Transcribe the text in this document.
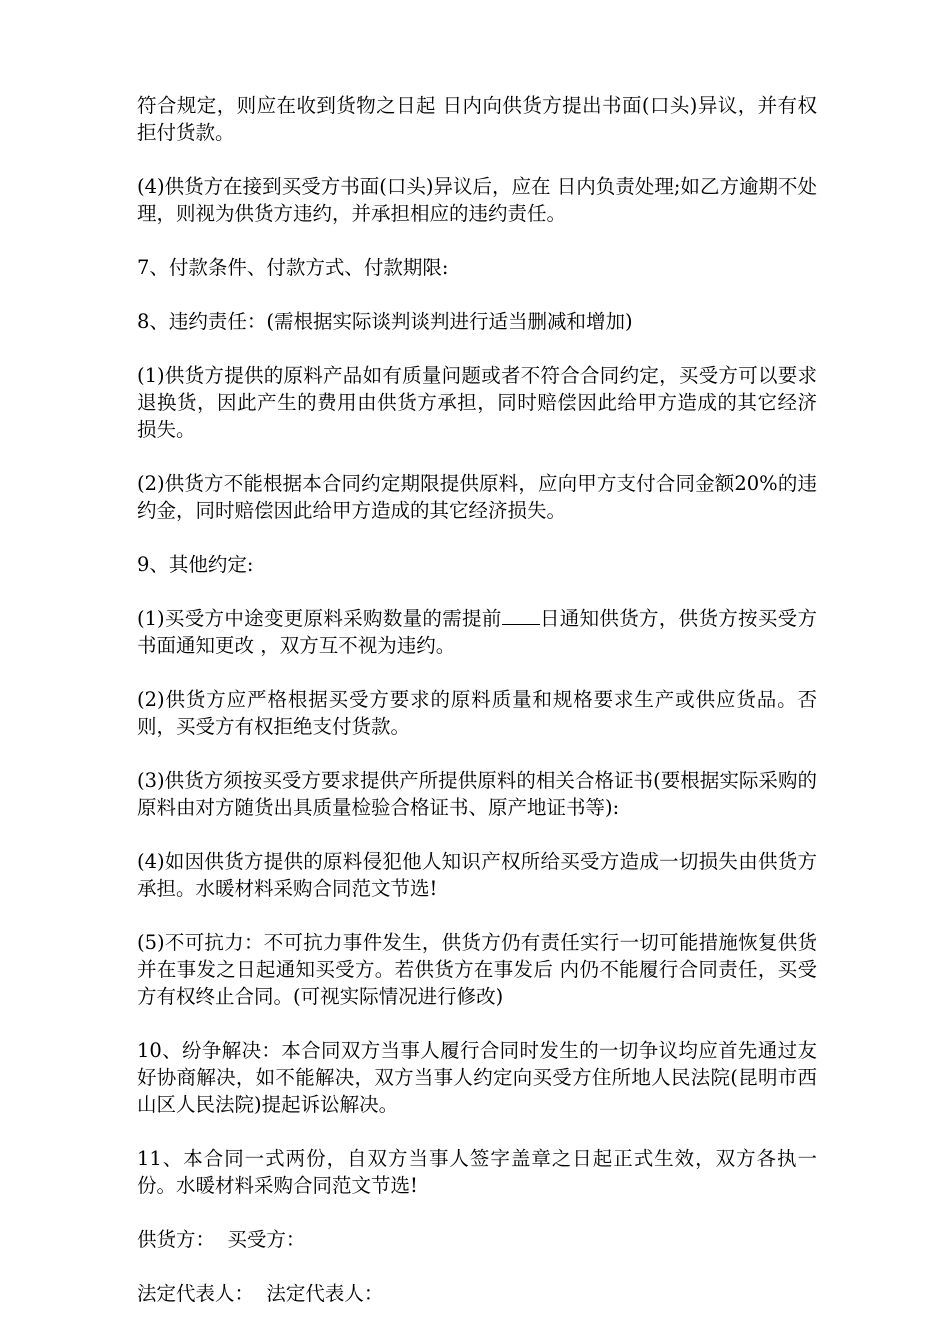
符合规定，则应在收到货物之日起 日内向供货方提出书面(口头)异议，并有权拒付货款。

(4)供货方在接到买受方书面(口头)异议后，应在 日内负责处理;如乙方逾期不处理，则视为供货方违约，并承担相应的违约责任。

7、付款条件、付款方式、付款期限:

8、违约责任：(需根据实际谈判谈判进行适当删减和增加)

(1)供货方提供的原料产品如有质量问题或者不符合合同约定，买受方可以要求退换货，因此产生的费用由供货方承担，同时赔偿因此给甲方造成的其它经济损失。

(2)供货方不能根据本合同约定期限提供原料，应向甲方支付合同金额20%的违约金，同时赔偿因此给甲方造成的其它经济损失。

9、其他约定:

(1)买受方中途变更原料采购数量的需提前 日通知供货方，供货方按买受方书面通知更改 ，双方互不视为违约。

(2)供货方应严格根据买受方要求的原料质量和规格要求生产或供应货品。否则，买受方有权拒绝支付货款。

(3)供货方须按买受方要求提供产所提供原料的相关合格证书(要根据实际采购的原料由对方随货出具质量检验合格证书、原产地证书等):

(4)如因供货方提供的原料侵犯他人知识产权所给买受方造成一切损失由供货方承担。水暖材料采购合同范文节选!

(5)不可抗力：不可抗力事件发生，供货方仍有责任实行一切可能措施恢复供货并在事发之日起通知买受方。若供货方在事发后 内仍不能履行合同责任，买受方有权终止合同。(可视实际情况进行修改)

10、纷争解决：本合同双方当事人履行合同时发生的一切争议均应首先通过友好协商解决，如不能解决，双方当事人约定向买受方住所地人民法院(昆明市西山区人民法院)提起诉讼解决。

11、本合同一式两份，自双方当事人签字盖章之日起正式生效，双方各执一份。水暖材料采购合同范文节选!

供货方： 买受方：
法定代表人： 法定代表人：
